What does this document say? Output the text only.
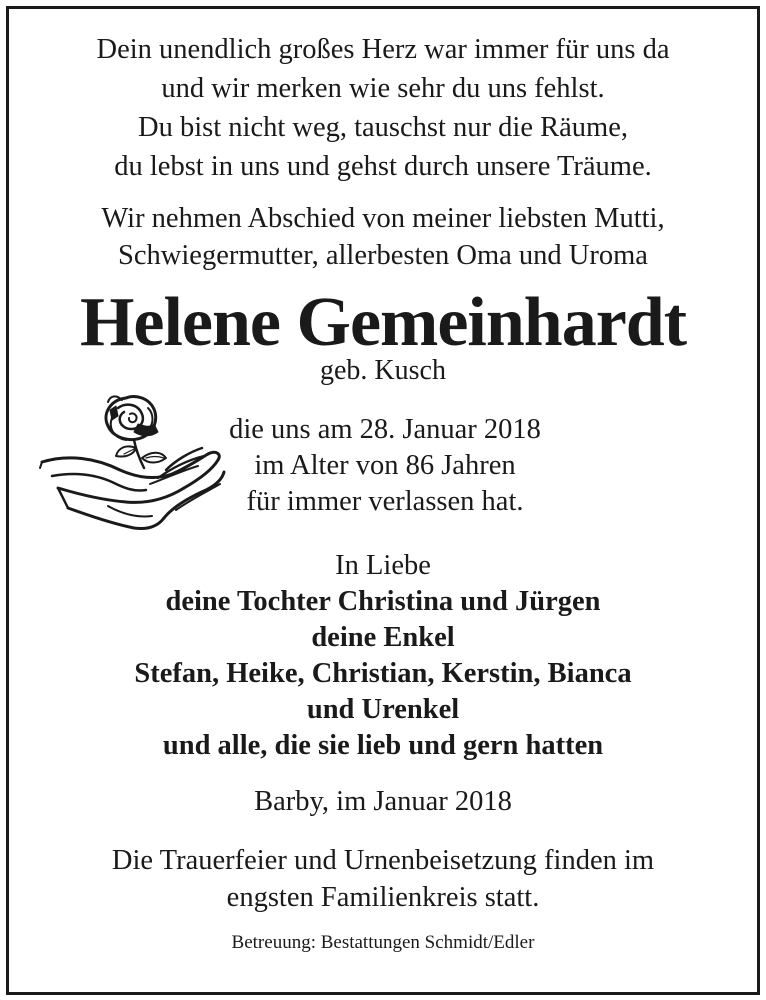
Dein unendlich großes Herz war immer für uns da
und wir merken wie sehr du uns fehlst.
Du bist nicht weg, tauschst nur die Räume,
du lebst in uns und gehst durch unsere Träume.
Wir nehmen Abschied von meiner liebsten Mutti,
Schwiegermutter, allerbesten Oma und Uroma
Helene Gemeinhardt
geb. Kusch
die uns am 28. Januar 2018
im Alter von 86 Jahren
für immer verlassen hat.
In Liebe
deine Tochter Christina und Jürgen
deine Enkel
Stefan, Heike, Christian, Kerstin, Bianca
und Urenkel
und alle, die sie lieb und gern hatten
Barby, im Januar 2018
Die Trauerfeier und Urnenbeisetzung finden im
engsten Familienkreis statt.
Betreuung: Bestattungen Schmidt/Edler
